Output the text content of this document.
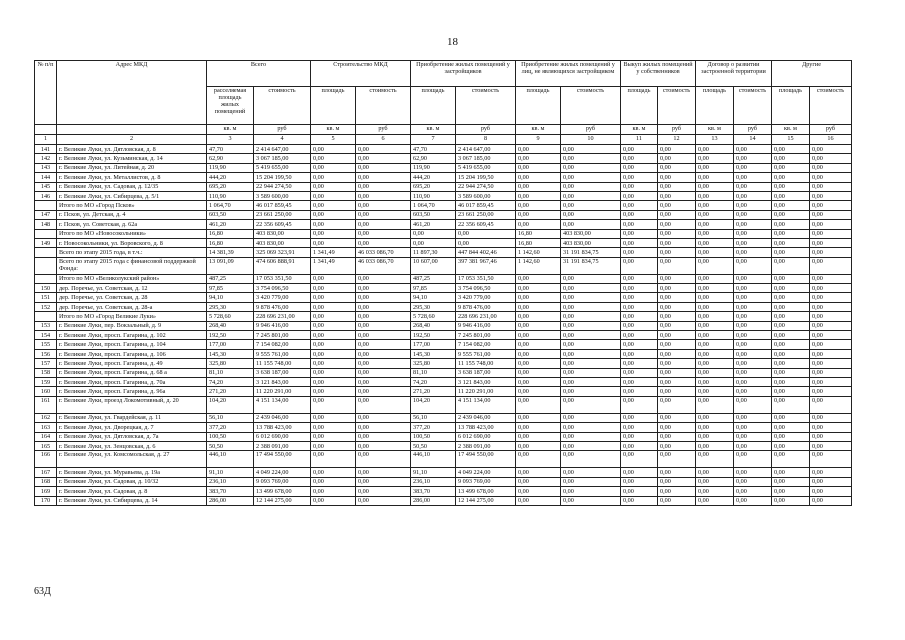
18
№ п/п	Адрес МКД	Всего		Строительство МКД		Приобретение жилых помещений у застройщиков		Приобретение жилых помещений у лиц, не являющихся застройщиком		Выкуп жилых помещений у собственников		Договор о развитии застроенной территории		Другие	
		расселяемая площадь жилых помещений	стоимость	площадь	стоимость	площадь	стоимость	площадь	стоимость	площадь	стоимость	площадь	стоимость	площадь	стоимость
		кв. м	руб	кв. м	руб	кв. м	руб	кв. м	руб	кв. м	руб	кв. м	руб	кв. м	руб
1	2	3	4	5	6	7	8	9	10	11	12	13	14	15	16
141	г. Великие Луки, ул. Дятловская, д. 8	47,70	2 414 647,00	0,00	0,00	47,70	2 414 647,00	0,00	0,00	0,00	0,00	0,00	0,00	0,00	0,00
142	г. Великие Луки, ул. Кузьминская, д. 14	62,90	3 067 185,00	0,00	0,00	62,90	3 067 185,00	0,00	0,00	0,00	0,00	0,00	0,00	0,00	0,00
143	г. Великие Луки, ул. Литейная, д. 20	119,90	5 419 655,00	0,00	0,00	119,90	5 419 655,00	0,00	0,00	0,00	0,00	0,00	0,00	0,00	0,00
144	г. Великие Луки, ул. Металлистов, д. 8	444,20	15 204 199,50	0,00	0,00	444,20	15 204 199,50	0,00	0,00	0,00	0,00	0,00	0,00	0,00	0,00
145	г. Великие Луки, ул. Садовая, д. 12/35	695,20	22 944 274,50	0,00	0,00	695,20	22 944 274,50	0,00	0,00	0,00	0,00	0,00	0,00	0,00	0,00
146	г. Великие Луки, ул. Сибирцева, д. 5/1	110,90	3 589 600,00	0,00	0,00	110,90	3 589 600,00	0,00	0,00	0,00	0,00	0,00	0,00	0,00	0,00
	Итого по МО «Город Псков»	1 064,70	46 017 859,45	0,00	0,00	1 064,70	46 017 859,45	0,00	0,00	0,00	0,00	0,00	0,00	0,00	0,00
147	г. Псков, ул. Детская, д. 4	603,50	23 661 250,00	0,00	0,00	603,50	23 661 250,00	0,00	0,00	0,00	0,00	0,00	0,00	0,00	0,00
148	г. Псков, ул. Советская, д. 62а	461,20	22 356 609,45	0,00	0,00	461,20	22 356 609,45	0,00	0,00	0,00	0,00	0,00	0,00	0,00	0,00
	Итого по МО «Новосокольники»	16,80	403 830,00	0,00	0,00	0,00	0,00	16,80	403 830,00	0,00	0,00	0,00	0,00	0,00	0,00
149	г. Новосокольники, ул. Воровского, д. 8	16,80	403 830,00	0,00	0,00	0,00	0,00	16,80	403 830,00	0,00	0,00	0,00	0,00	0,00	0,00
	Всего по этапу 2015 года, в т.ч.:	14 381,39	325 069 323,91	1 341,49	46 033 086,70	11 897,30	447 844 402,46	1 142,60	31 191 834,75	0,00	0,00	0,00	0,00	0,00	0,00
	Всего по этапу 2015 года с финансовой поддержкой Фонда:	13 091,09	474 606 888,91	1 341,49	46 033 086,70	10 607,00	397 381 967,46	1 142,60	31 191 834,75	0,00	0,00	0,00	0,00	0,00	0,00
	Итого по МО «Великолукский район»	487,25	17 053 351,50	0,00	0,00	487,25	17 053 351,50	0,00	0,00	0,00	0,00	0,00	0,00	0,00	0,00
150	дер. Поречье, ул. Советская, д. 12	97,85	3 754 096,50	0,00	0,00	97,85	3 754 096,50	0,00	0,00	0,00	0,00	0,00	0,00	0,00	0,00
151	дер. Поречье, ул. Советская, д. 28	94,10	3 420 779,00	0,00	0,00	94,10	3 420 779,00	0,00	0,00	0,00	0,00	0,00	0,00	0,00	0,00
152	дер. Поречье, ул. Советская, д. 28-а	295,30	9 878 476,00	0,00	0,00	295,30	9 878 476,00	0,00	0,00	0,00	0,00	0,00	0,00	0,00	0,00
	Итого по МО «Город Великие Луки»	5 728,60	228 696 231,00	0,00	0,00	5 728,60	228 696 231,00	0,00	0,00	0,00	0,00	0,00	0,00	0,00	0,00
153	г. Великие Луки, пер. Вокзальный, д. 9	268,40	9 946 416,00	0,00	0,00	268,40	9 946 416,00	0,00	0,00	0,00	0,00	0,00	0,00	0,00	0,00
154	г. Великие Луки, просп. Гагарина, д. 102	192,50	7 245 801,00	0,00	0,00	192,50	7 245 801,00	0,00	0,00	0,00	0,00	0,00	0,00	0,00	0,00
155	г. Великие Луки, просп. Гагарина, д. 104	177,00	7 154 082,00	0,00	0,00	177,00	7 154 082,00	0,00	0,00	0,00	0,00	0,00	0,00	0,00	0,00
156	г. Великие Луки, просп. Гагарина, д. 106	145,30	9 555 761,00	0,00	0,00	145,30	9 555 761,00	0,00	0,00	0,00	0,00	0,00	0,00	0,00	0,00
157	г. Великие Луки, просп. Гагарина, д. 49	325,80	11 155 748,00	0,00	0,00	325,80	11 155 748,00	0,00	0,00	0,00	0,00	0,00	0,00	0,00	0,00
158	г. Великие Луки, просп. Гагарина, д. 68 а	81,10	3 638 187,00	0,00	0,00	81,10	3 638 187,00	0,00	0,00	0,00	0,00	0,00	0,00	0,00	0,00
159	г. Великие Луки, просп. Гагарина, д. 70а	74,20	3 121 843,00	0,00	0,00	74,20	3 121 843,00	0,00	0,00	0,00	0,00	0,00	0,00	0,00	0,00
160	г. Великие Луки, просп. Гагарина, д. 96а	271,20	11 220 291,00	0,00	0,00	271,20	11 220 291,00	0,00	0,00	0,00	0,00	0,00	0,00	0,00	0,00
161	г. Великие Луки, проезд Локомотивный, д. 20	104,20	4 151 134,00	0,00	0,00	104,20	4 151 134,00	0,00	0,00	0,00	0,00	0,00	0,00	0,00	0,00
162	г. Великие Луки, ул. Гвардейская, д. 11	56,10	2 439 046,00	0,00	0,00	56,10	2 439 046,00	0,00	0,00	0,00	0,00	0,00	0,00	0,00	0,00
163	г. Великие Луки, ул. Дворецкая, д. 7	377,20	13 788 423,00	0,00	0,00	377,20	13 788 423,00	0,00	0,00	0,00	0,00	0,00	0,00	0,00	0,00
164	г. Великие Луки, ул. Дятловская, д. 7а	100,50	6 012 690,00	0,00	0,00	100,50	6 012 690,00	0,00	0,00	0,00	0,00	0,00	0,00	0,00	0,00
165	г. Великие Луки, ул. Зенцовская, д. 6	50,50	2 388 091,00	0,00	0,00	50,50	2 388 091,00	0,00	0,00	0,00	0,00	0,00	0,00	0,00	0,00
166	г. Великие Луки, ул. Комсомольская, д. 27	446,10	17 494 550,00	0,00	0,00	446,10	17 494 550,00	0,00	0,00	0,00	0,00	0,00	0,00	0,00	0,00
167	г. Великие Луки, ул. Муравьева, д. 19а	91,10	4 049 224,00	0,00	0,00	91,10	4 049 224,00	0,00	0,00	0,00	0,00	0,00	0,00	0,00	0,00
168	г. Великие Луки, ул. Садовая, д. 10/32	236,10	9 093 769,00	0,00	0,00	236,10	9 093 769,00	0,00	0,00	0,00	0,00	0,00	0,00	0,00	0,00
169	г. Великие Луки, ул. Садовая, д. 8	383,70	13 499 678,00	0,00	0,00	383,70	13 499 678,00	0,00	0,00	0,00	0,00	0,00	0,00	0,00	0,00
170	г. Великие Луки, ул. Сибирцева, д. 14	286,00	12 144 275,00	0,00	0,00	286,00	12 144 275,00	0,00	0,00	0,00	0,00	0,00	0,00	0,00	0,00
63Д
